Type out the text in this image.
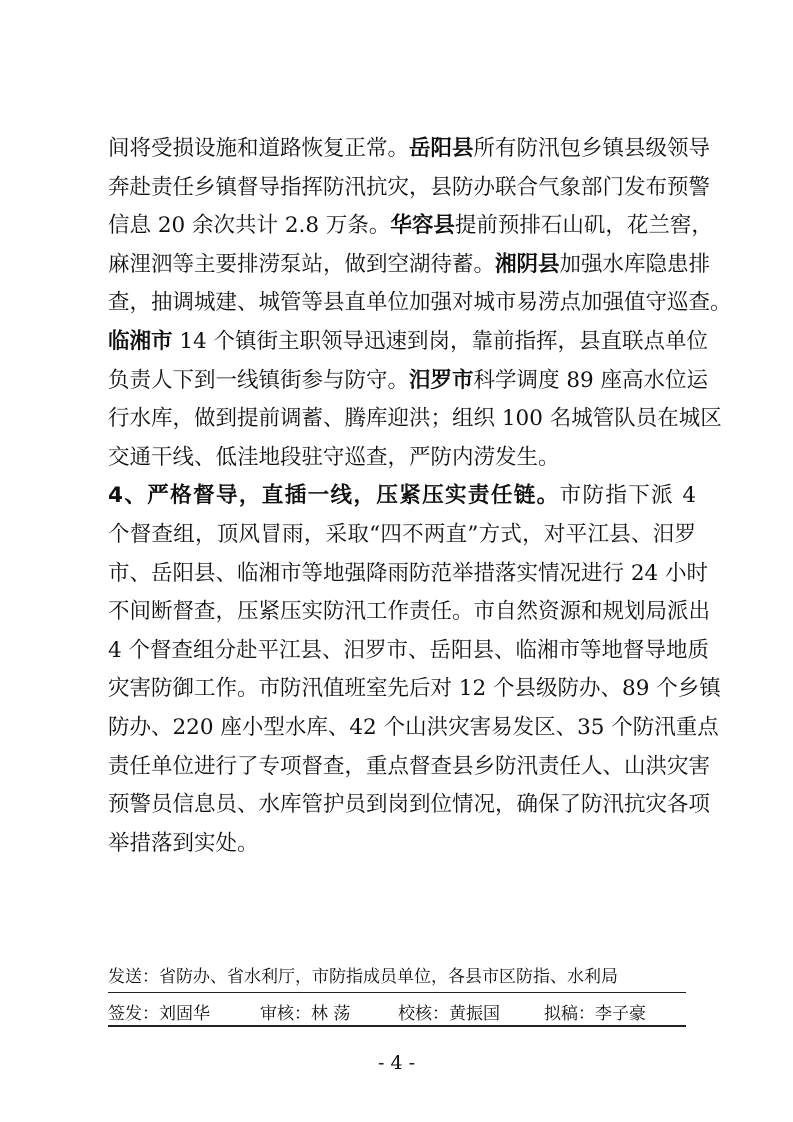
间将受损设施和道路恢复正常。岳阳县所有防汛包乡镇县级领导
奔赴责任乡镇督导指挥防汛抗灾，县防办联合气象部门发布预警
信息 20 余次共计 2.8 万条。华容县提前预排石山矶，花兰窖，
麻浬泗等主要排涝泵站，做到空湖待蓄。湘阴县加强水库隐患排
查，抽调城建、城管等县直单位加强对城市易涝点加强值守巡查。
临湘市 14 个镇街主职领导迅速到岗，靠前指挥，县直联点单位
负责人下到一线镇街参与防守。汨罗市科学调度 89 座高水位运
行水库，做到提前调蓄、腾库迎洪；组织 100 名城管队员在城区
交通干线、低洼地段驻守巡查，严防内涝发生。
4、严格督导，直插一线，压紧压实责任链。市防指下派 4
个督查组，顶风冒雨，采取“四不两直”方式，对平江县、汨罗
市、岳阳县、临湘市等地强降雨防范举措落实情况进行 24 小时
不间断督查，压紧压实防汛工作责任。市自然资源和规划局派出
4 个督查组分赴平江县、汨罗市、岳阳县、临湘市等地督导地质
灾害防御工作。市防汛值班室先后对 12 个县级防办、89 个乡镇
防办、220 座小型水库、42 个山洪灾害易发区、35 个防汛重点
责任单位进行了专项督查，重点督查县乡防汛责任人、山洪灾害
预警员信息员、水库管护员到岗到位情况，确保了防汛抗灾各项
举措落到实处。
发送：省防办、省水利厅，市防指成员单位，各县市区防指、水利局
签发：刘固华	审核：林 荡	校核：黄振国	拟稿：李子豪
- 4 -
